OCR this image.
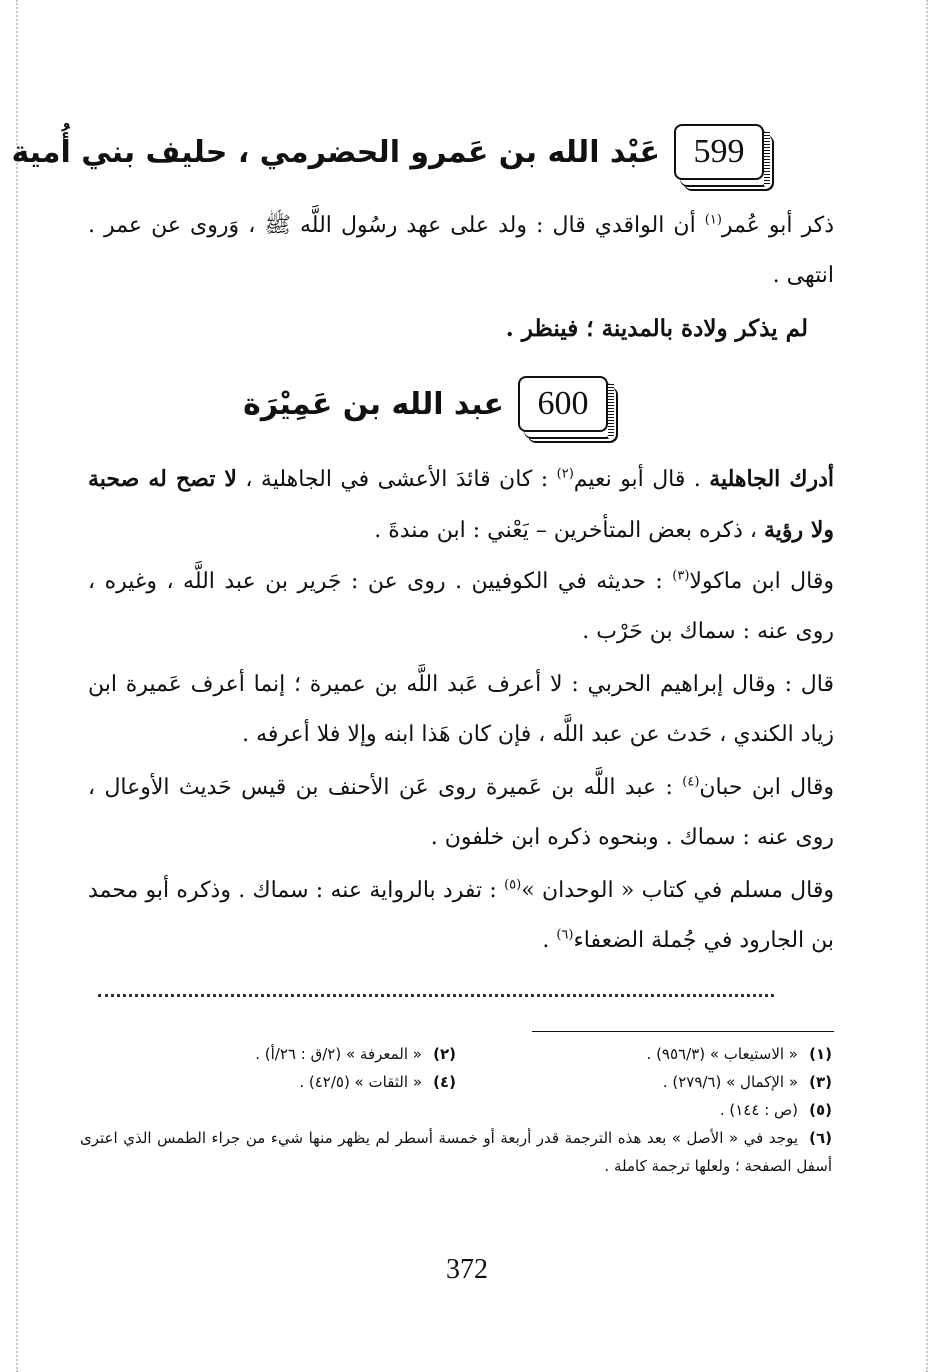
599
عَبْد الله بن عَمرو الحضرمي ، حليف بني أُمية
ذكر أبو عُمر$^{(١)}$ أن الواقدي قال : ولد على عهد رسُول اللَّه ﷺ ، وَروى عن عمر . انتهى .
لم يذكر ولادة بالمدينة ؛ فينظر .
600
عبد الله بن عَمِيْرَة
أدرك الجاهلية . قال أبو نعيم$^{(٢)}$ : كان قائدَ الأعشى في الجاهلية ، لا تصح له صحبة ولا رؤية ، ذكره بعض المتأخرين – يَعْني : ابن مندةَ .
وقال ابن ماكولا$^{(٣)}$ : حديثه في الكوفيين . روى عن : جَرير بن عبد اللَّه ، وغيره ، روى عنه : سماك بن حَرْب .
قال : وقال إبراهيم الحربي : لا أعرف عَبد اللَّه بن عميرة ؛ إنما أعرف عَميرة ابن زياد الكندي ، حَدث عن عبد اللَّه ، فإن كان هَذا ابنه وإلا فلا أعرفه .
وقال ابن حبان$^{(٤)}$ : عبد اللَّه بن عَميرة روى عَن الأحنف بن قيس حَديث الأوعال ، روى عنه : سماك . وبنحوه ذكره ابن خلفون .
وقال مسلم في كتاب « الوحدان »$^{(٥)}$ : تفرد بالرواية عنه : سماك . وذكره أبو محمد بن الجارود في جُملة الضعفاء$^{(٦)}$ .
(١)« الاستيعاب » (٩٥٦/٣) .
(٢)« المعرفة » (٢/ق : ٢٦/أ) .
(٣)« الإكمال » (٢٧٩/٦) .
(٤)« الثقات » (٤٢/٥) .
(٥)(ص : ١٤٤) .
(٦)يوجد في « الأصل » بعد هذه الترجمة قدر أربعة أو خمسة أسطر لم يظهر منها شيء من جراء الطمس الذي اعترى أسفل الصفحة ؛ ولعلها ترجمة كاملة .
372
